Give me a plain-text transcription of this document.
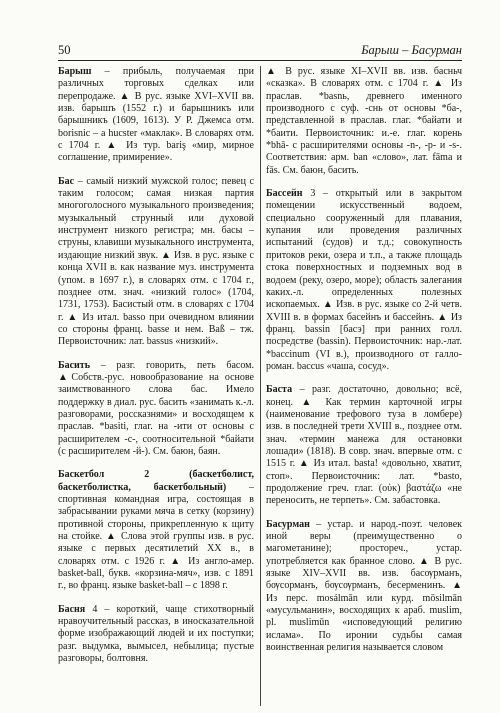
50	Барыш – Басурман

Барыш – прибыль, получаемая при различных торговых сделках или перепродаже. ▲ В рус. языке XVI–XVII вв. изв. барышъ (1552 г.) и барышникъ или барышникъ (1609, 1613). У Р. Джемса отм. borisnic – a hucster «маклак». В словарях отм. с 1704 г. ▲ Из тур. bariş «мир, мирное соглашение, примирение».

Бас – самый низкий мужской голос; певец с таким голосом; самая низкая партия многоголосного музыкального произведения; музыкальный струнный или духовой инструмент низкого регистра; мн. басы – струны, клавиши музыкального инструмента, издающие низкий звук. ▲ Изв. в рус. языке с конца XVII в. как название муз. инструмента (упом. в 1697 г.), в словарях отм. с 1704 г., позднее отм. знач. «низкий голос» (1704, 1731, 1753). Басистый отм. в словарях с 1704 г. ▲ Из итал. basso при очевидном влиянии со стороны франц. basse и нем. Baß – тж. Первоисточник: лат. bassus «низкий».

Басить – разг. говорить, петь басом. ▲Собств.-рус. новообразование на основе заимствованного слова бас. Имело поддержку в диал. рус. басить «занимать к.-л. разговорами, россказнями» и восходящем к праслав. *basiti, глаг. на -ити от основы с расширителем -с-, соотносительной *байати (с расширителем -й-). См. баюн, баян.

Баскетбол 2 (баскетболист, баскетболистка, баскетбольный) – спортивная командная игра, состоящая в забрасывании руками мяча в сетку (корзину) противной стороны, прикрепленную к щиту на стойке. ▲ Слова этой группы изв. в рус. языке с первых десятилетий XX в., в словарях отм. с 1926 г. ▲ Из англо-амер. basket-ball, букв. «корзина-мяч», изв. с 1891 г., во франц. языке basket-ball – с 1898 г.

Басня 4 – короткий, чаще стихотворный нравоучительный рассказ, в иносказательной форме изображающий людей и их поступки; разг. выдумка, вымысел, небылица; пустые разговоры, болтовня.

▲ В рус. языке XI–XVII вв. изв. басньч «сказка». В словарях отм. с 1704 г. ▲ Из праслав. *basnь, древнего именного производного с суф. -снь от основы *ба-, представленной в праслав. глаг. *байати и *бaити. Первоисточник: и.-е. глаг. корень *bhā- с расширителями основы -n-, -p- и -s-. Соответствия: арм. ban «слово», лат. fāma и fās. См. баюн, басить.

Бассейн 3 – открытый или в закрытом помещении искусственный водоем, специально сооруженный для плавания, купания или проведения различных испытаний (судов) и т.д.; совокупность притоков реки, озера и т.п., а также площадь стока поверхностных и подземных вод в водоем (реку, озеро, море); область залегания каких.-л. определенных полезных ископаемых. ▲ Изв. в рус. языке со 2-й четв. XVIII в. в формах басейнъ и бассейнъ. ▲ Из франц. bassin [басэ] при ранних голл. посредстве (bassin). Первоисточник: нар.-лат. *baccinum (VI в.), производного от галло-роман. baccus «чаша, сосуд».

Баста – разг. достаточно, довольно; всё, конец. ▲ Как термин карточной игры (наименование трефового туза в ломбере) изв. в последней трети XVIII в., позднее отм. знач. «термин манежа для остановки лошади» (1818). В совр. знач. впервые отм. с 1515 г. ▲ Из итал. basta! «довольно, хватит, стоп». Первоисточник: лат. *basto, продолжение греч. глаг. (οὐκ) βαστάζω «не переносить, не терпеть». См. забастовка.

Басурман – устар. и народ.-поэт. человек иной веры (преимущественно о магометанине); простореч., устар. употребляется как бранное слово. ▲ В рус. языке XIV–XVII вв. изв. басѹрманъ, бѹсорманъ, бѹсѹрманъ, бесерменинъ. ▲ Из перс. mosálmān или курд. mōsilmān «мусульманин», восходящих к араб. muslim, pl. muslimūn «исповедующий религию ислама». По иронии судьбы самая воинственная религия называется словом
